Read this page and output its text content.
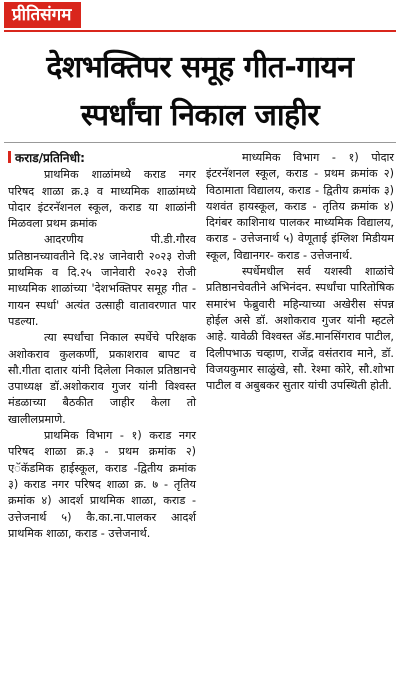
प्रीतिसंगम
देशभक्तिपर समूह गीत-गायन
स्पर्धांचा निकाल जाहीर

कराड/प्रतिनिधी:

प्राथमिक शाळांमध्ये कराड नगर परिषद शाळा क्र.३ व माध्यमिक शाळांमध्ये पोदार इंटरनॅशनल स्कूल, कराड या शाळांनी मिळवला प्रथम क्रमांक

आदरणीय पी.डी.गौरव प्रतिष्ठानच्यावतीने दि.२४ जानेवारी २०२३ रोजी प्राथमिक व दि.२५ जानेवारी २०२३ रोजी माध्यमिक शाळांच्या 'देशभक्तिपर समूह गीत - गायन स्पर्धा' अत्यंत उत्साही वातावरणात पार पडल्या.

त्या स्पर्धांचा निकाल स्पर्धेचे परिक्षक अशोकराव कुलकर्णी, प्रकाशराव बापट व सौ.गीता दातार यांनी दिलेला निकाल प्रतिष्ठानचे उपाध्यक्ष डॉ.अशोकराव गुजर यांनी विश्वस्त मंडळाच्या बैठकीत जाहीर केला तो खालीलप्रमाणे.

प्राथमिक विभाग - १) कराड नगर परिषद शाळा क्र.३ - प्रथम क्रमांक २) एॅकॅडमिक हाईस्कूल, कराड -द्वितीय क्रमांक ३) कराड नगर परिषद शाळा क्र. ७ - तृतिय क्रमांक ४) आदर्श प्राथमिक शाळा, कराड - उत्तेजनार्थ ५) कै.का.ना.पालकर आदर्श प्राथमिक शाळा, कराड - उत्तेजनार्थ.

माध्यमिक विभाग - १) पोदार इंटरनॅशनल स्कूल, कराड - प्रथम क्रमांक २) विठामाता विद्यालय, कराड - द्वितीय क्रमांक ३) यशवंत हायस्कूल, कराड - तृतिय क्रमांक ४) दिगंबर काशिनाथ पालकर माध्यमिक विद्यालय, कराड - उत्तेजनार्थ ५) वेणूताई इंग्लिश मिडीयम स्कूल, विद्यानगर- कराड - उत्तेजनार्थ.

स्पर्धेमधील सर्व यशस्वी शाळांचे प्रतिष्ठानचेवतीने अभिनंदन. स्पर्धांचा पारितोषिक समारंभ फेब्रुवारी महिन्याच्या अखेरीस संपन्न होईल असे डॉ. अशोकराव गुजर यांनी म्हटले आहे. यावेळी विश्वस्त ॲड.मानसिंगराव पाटील, दिलीपभाऊ चव्हाण, राजेंद्र वसंतराव माने, डॉ. विजयकुमार साळुंखे, सौ. रेश्मा कोरे, सौ.शोभा पाटील व अबुबकर सुतार यांची उपस्थिती होती.
